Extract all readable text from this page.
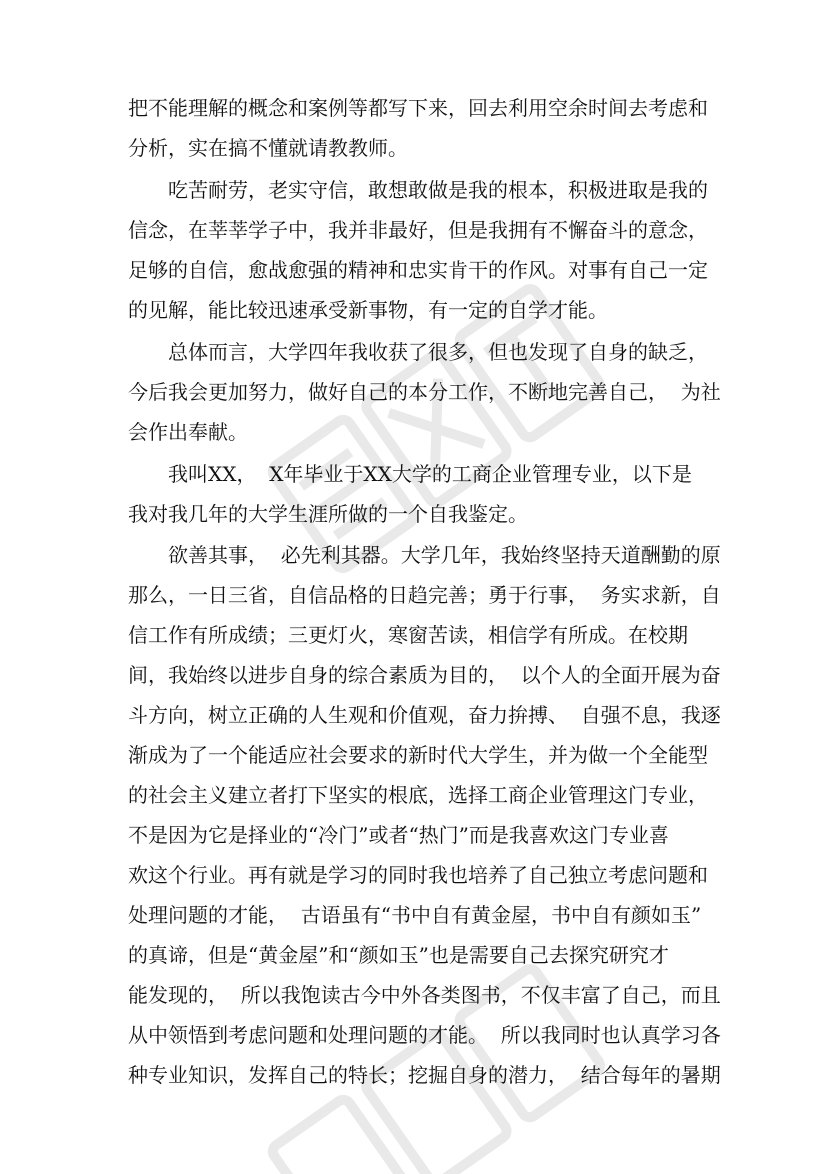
把不能理解的概念和案例等都写下来，回去利用空余时间去考虑和
分析，实在搞不懂就请教教师。
吃苦耐劳，老实守信，敢想敢做是我的根本，积极进取是我的
信念，在莘莘学子中，我并非最好，但是我拥有不懈奋斗的意念，
足够的自信，愈战愈强的精神和忠实肯干的作风。对事有自己一定
的见解，能比较迅速承受新事物，有一定的自学才能。
总体而言，大学四年我收获了很多，但也发现了自身的缺乏，
今后我会更加努力，做好自己的本分工作，不断地完善自己，  为社
会作出奉献。
我叫XX，  X年毕业于XX大学的工商企业管理专业，以下是
我对我几年的大学生涯所做的一个自我鉴定。
欲善其事，  必先利其器。大学几年，我始终坚持天道酬勤的原
那么，一日三省，自信品格的日趋完善；勇于行事，  务实求新，自
信工作有所成绩；三更灯火，寒窗苦读，相信学有所成。在校期
间，我始终以进步自身的综合素质为目的，  以个人的全面开展为奋
斗方向，树立正确的人生观和价值观，奋力拚搏、  自强不息，我逐
渐成为了一个能适应社会要求的新时代大学生，并为做一个全能型
的社会主义建立者打下坚实的根底，选择工商企业管理这门专业，
不是因为它是择业的“冷门”或者“热门”而是我喜欢这门专业喜
欢这个行业。再有就是学习的同时我也培养了自己独立考虑问题和
处理问题的才能，  古语虽有“书中自有黄金屋，书中自有颜如玉”
的真谛，但是“黄金屋”和“颜如玉”也是需要自己去探究研究才
能发现的，  所以我饱读古今中外各类图书，不仅丰富了自己，而且
从中领悟到考虑问题和处理问题的才能。  所以我同时也认真学习各
种专业知识，发挥自己的特长；挖掘自身的潜力，  结合每年的暑期
